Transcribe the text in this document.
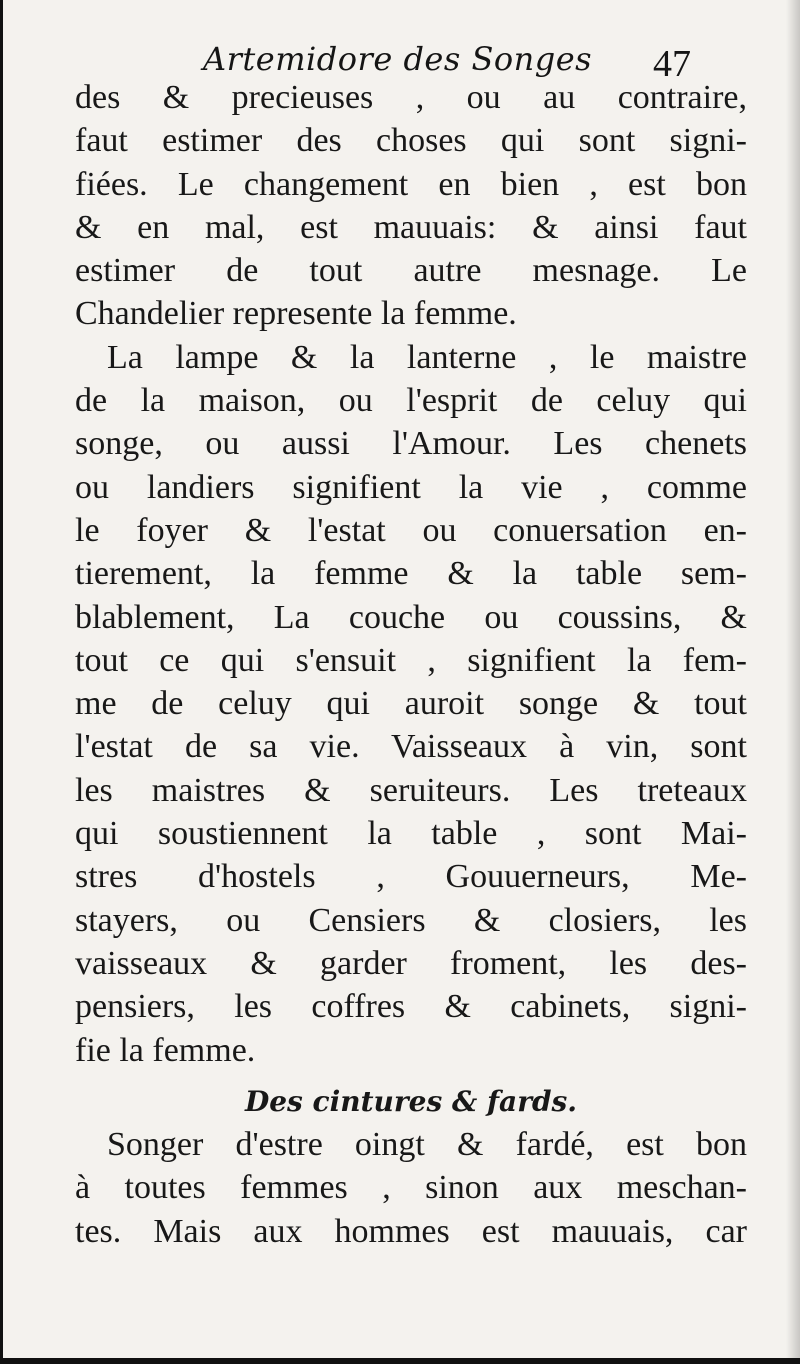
Artemidore des Songes 47
des & precieuses , ou au contraire,
faut estimer des choses qui sont signi-
fiées. Le changement en bien , est bon
& en mal, est mauuais: & ainsi faut
estimer de tout autre mesnage. Le
Chandelier represente la femme.
La lampe & la lanterne , le maistre
de la maison, ou l'esprit de celuy qui
songe, ou aussi l'Amour. Les chenets
ou landiers signifient la vie , comme
le foyer & l'estat ou conuersation en-
tierement, la femme & la table sem-
blablement, La couche ou coussins, &
tout ce qui s'ensuit , signifient la fem-
me de celuy qui auroit songe & tout
l'estat de sa vie. Vaisseaux à vin, sont
les maistres & seruiteurs. Les treteaux
qui soustiennent la table , sont Mai-
stres d'hostels , Gouuerneurs, Me-
stayers, ou Censiers & closiers, les
vaisseaux & garder froment, les des-
pensiers, les coffres & cabinets, signi-
fie la femme.
Des cintures & fards.
Songer d'estre oingt & fardé, est bon
à toutes femmes , sinon aux meschan-
tes. Mais aux hommes est mauuais, car
